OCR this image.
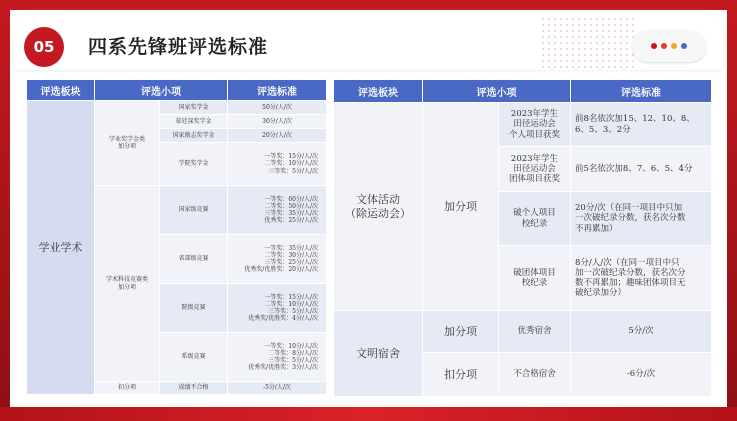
05	四系先锋班评选标准
评选板块	评选小项		评选标准
学业学术	学业奖学金类
加分项	国家奖学金	50分/人/次
		慕廷深奖学金	30分/人/次
		国家励志奖学金	20分/人/次
		学院奖学金	一等奖：15分/人/次
二等奖：10分/人/次
三等奖：5分/人/次
	学术科技竞赛类
加分项	国家级竞赛	一等奖：60分/人/次
二等奖：50分/人/次
三等奖：35分/人/次
优秀奖：25分/人/次
		省部级竞赛	一等奖：35分/人/次
二等奖：30分/人/次
三等奖：25分/人/次
优秀奖/优胜奖：20分/人/次
		院级竞赛	一等奖：15分/人/次
二等奖：10分/人/次
三等奖：5分/人/次
优秀奖/优胜奖：4分/人/次
		系级竞赛	一等奖：10分/人/次
二等奖：8分/人/次
三等奖：5分/人/次
优秀奖/优胜奖：3分/人/次
	扣分项	成绩不合格	-5分/人/次
评选板块	评选小项		评选标准
文体活动
（除运动会）	加分项	2023年学生
田径运动会
个人项目获奖	前8名依次加15、12、10、8、
6、5、3、2分
		2023年学生
田径运动会
团体项目获奖	前5名依次加8、7、6、5、4分
		破个人项目
校纪录	20分/次（在同一项目中只加
一次破纪录分数，获名次分数
不再累加）
		破团体项目
校纪录	8分/人/次（在同一项目中只
加一次破纪录分数，获名次分
数不再累加；趣味团体项目无
破纪录加分）
文明宿舍	加分项	优秀宿舍	5分/次
	扣分项	不合格宿舍	-6分/次
